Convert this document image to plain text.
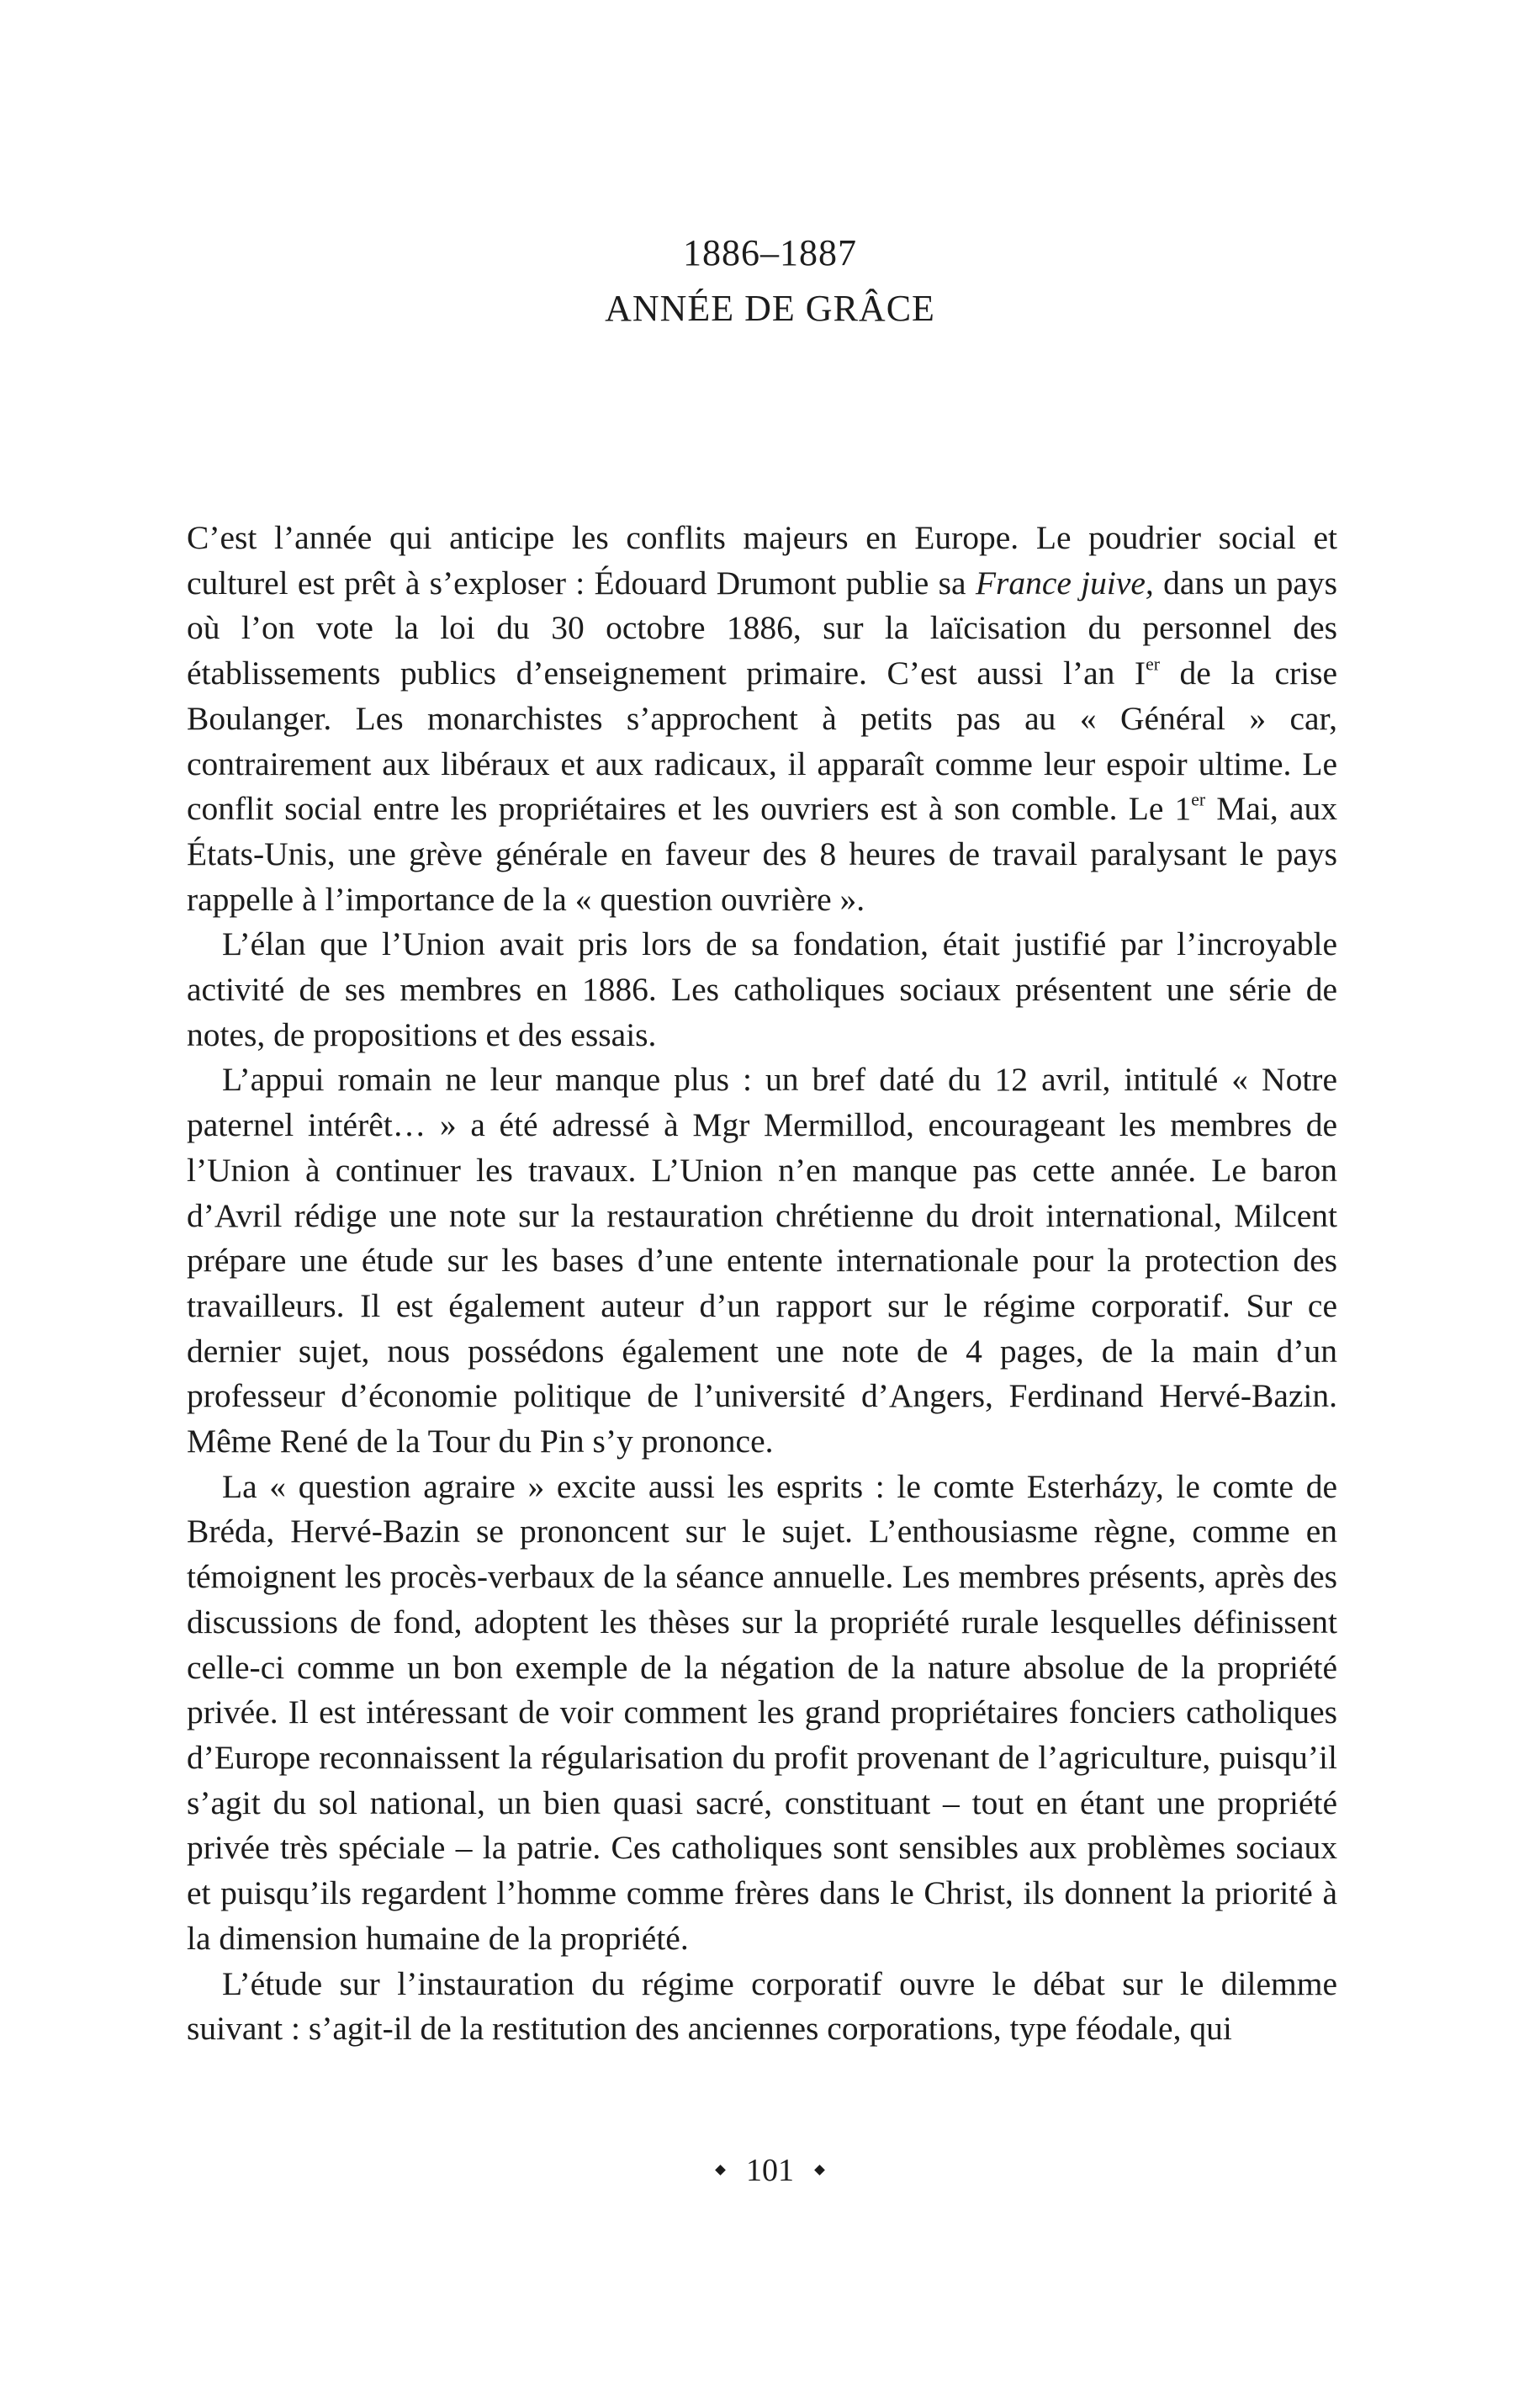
1886–1887
ANNÉE DE GRÂCE

C’est l’année qui anticipe les conflits majeurs en Europe. Le poudrier social et culturel est prêt à s’exploser : Édouard Drumont publie sa France juive, dans un pays où l’on vote la loi du 30 octobre 1886, sur la laïcisation du personnel des établissements publics d’enseignement primaire. C’est aussi l’an Ier de la crise Boulanger. Les monarchistes s’approchent à petits pas au « Général » car, contrairement aux libéraux et aux radicaux, il apparaît comme leur espoir ultime. Le conflit social entre les propriétaires et les ouvriers est à son comble. Le 1er Mai, aux États-Unis, une grève générale en faveur des 8 heures de travail paralysant le pays rappelle à l’importance de la « question ouvrière ».

L’élan que l’Union avait pris lors de sa fondation, était justifié par l’incroyable activité de ses membres en 1886. Les catholiques sociaux présentent une série de notes, de propositions et des essais.

L’appui romain ne leur manque plus : un bref daté du 12 avril, intitulé « Notre paternel intérêt… » a été adressé à Mgr Mermillod, encourageant les membres de l’Union à continuer les travaux. L’Union n’en manque pas cette année. Le baron d’Avril rédige une note sur la restauration chrétienne du droit international, Milcent prépare une étude sur les bases d’une entente internationale pour la protection des travailleurs. Il est également auteur d’un rapport sur le régime corporatif. Sur ce dernier sujet, nous possédons également une note de 4 pages, de la main d’un professeur d’économie politique de l’université d’Angers, Ferdinand Hervé-Bazin. Même René de la Tour du Pin s’y prononce.

La « question agraire » excite aussi les esprits : le comte Esterházy, le comte de Bréda, Hervé-Bazin se prononcent sur le sujet. L’enthousiasme règne, comme en témoignent les procès-verbaux de la séance annuelle. Les membres présents, après des discussions de fond, adoptent les thèses sur la propriété rurale lesquelles définissent celle-ci comme un bon exemple de la négation de la nature absolue de la propriété privée. Il est intéressant de voir comment les grand propriétaires fonciers catholiques d’Europe reconnaissent la régularisation du profit provenant de l’agriculture, puisqu’il s’agit du sol national, un bien quasi sacré, constituant – tout en étant une propriété privée très spéciale – la patrie. Ces catholiques sont sensibles aux problèmes sociaux et puisqu’ils regardent l’homme comme frères dans le Christ, ils donnent la priorité à la dimension humaine de la propriété.

L’étude sur l’instauration du régime corporatif ouvre le débat sur le dilemme suivant : s’agit-il de la restitution des anciennes corporations, type féodale, qui

101
